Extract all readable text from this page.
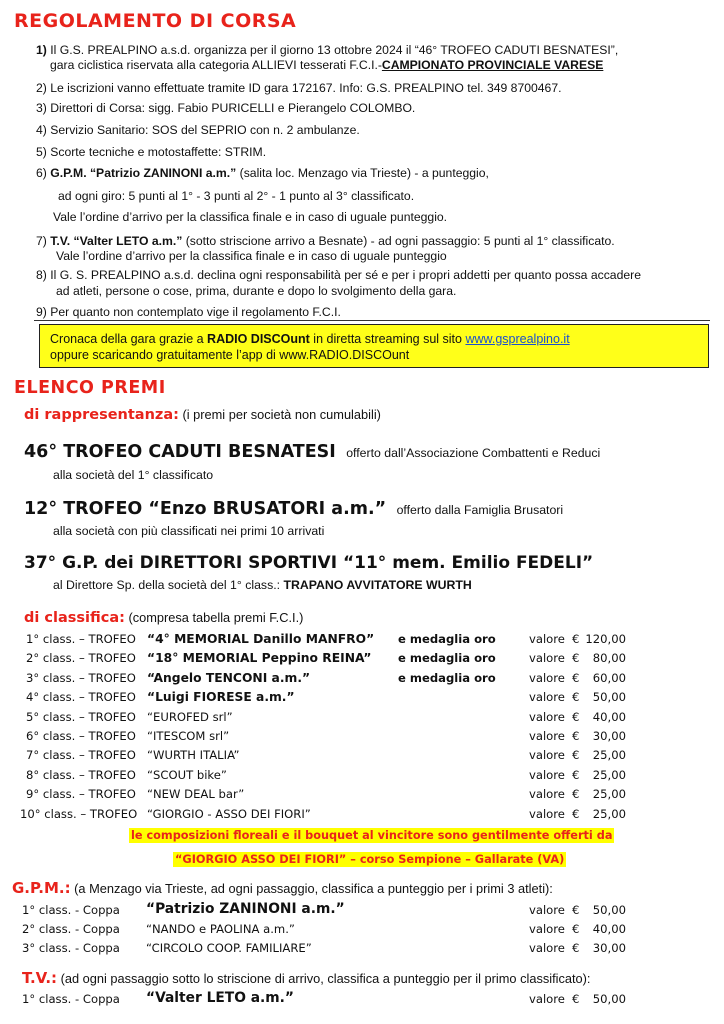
REGOLAMENTO DI CORSA
1) Il G.S. PREALPINO a.s.d. organizza per il giorno 13 ottobre 2024 il “46° TROFEO CADUTI BESNATESI”,
gara ciclistica riservata alla categoria ALLIEVI tesserati F.C.I.-CAMPIONATO PROVINCIALE VARESE
2) Le iscrizioni vanno effettuate tramite ID gara 172167. Info: G.S. PREALPINO tel. 349 8700467.
3) Direttori di Corsa: sigg. Fabio PURICELLI e Pierangelo COLOMBO.
4) Servizio Sanitario: SOS del SEPRIO con n. 2 ambulanze.
5) Scorte tecniche e motostaffette: STRIM.
6) G.P.M. “Patrizio ZANINONI a.m.” (salita loc. Menzago via Trieste) - a punteggio,
ad ogni giro: 5 punti al 1° - 3 punti al 2° - 1 punto al 3° classificato.
Vale l’ordine d’arrivo per la classifica finale e in caso di uguale punteggio.
7) T.V. “Valter LETO a.m.” (sotto striscione arrivo a Besnate) - ad ogni passaggio: 5 punti al 1° classificato.
Vale l’ordine d’arrivo per la classifica finale e in caso di uguale punteggio
8) Il G. S. PREALPINO a.s.d. declina ogni responsabilità per sé e per i propri addetti per quanto possa accadere
ad atleti, persone o cose, prima, durante e dopo lo svolgimento della gara.
9) Per quanto non contemplato vige il regolamento F.C.I.
Cronaca della gara grazie a RADIO DISCOunt in diretta streaming sul sito www.gsprealpino.it
oppure scaricando gratuitamente l’app di www.RADIO.DISCOunt
ELENCO PREMI
di rappresentanza: (i premi per società non cumulabili)
46° TROFEO CADUTI BESNATESI offerto dall’Associazione Combattenti e Reduci
alla società del 1° classificato
12° TROFEO “Enzo BRUSATORI a.m.” offerto dalla Famiglia Brusatori
alla società con più classificati nei primi 10 arrivati
37° G.P. dei DIRETTORI SPORTIVI “11° mem. Emilio FEDELI”
al Direttore Sp. della società del 1° class.: TRAPANO AVVITATORE WURTH
di classifica: (compresa tabella premi F.C.I.)
1° class. – TROFEO “4° MEMORIAL Danillo MANFRO” e medaglia oro	valore € 120,00
2° class. – TROFEO “18° MEMORIAL Peppino REINA” e medaglia oro	valore € 80,00
3° class. – TROFEO “Angelo TENCONI a.m.”	e medaglia oro	valore € 60,00
4° class. – TROFEO “Luigi FIORESE a.m.”	valore € 50,00
5° class. – TROFEO “EUROFED srl”	valore € 40,00
6° class. – TROFEO “ITESCOM srl”	valore € 30,00
7° class. – TROFEO “WURTH ITALIA”	valore € 25,00
8° class. – TROFEO “SCOUT bike”	valore € 25,00
9° class. – TROFEO “NEW DEAL bar”	valore € 25,00
10° class. – TROFEO “GIORGIO - ASSO DEI FIORI”	valore € 25,00
le composizioni floreali e il bouquet al vincitore sono gentilmente offerti da
“GIORGIO ASSO DEI FIORI” – corso Sempione – Gallarate (VA)
G.P.M.: (a Menzago via Trieste, ad ogni passaggio, classifica a punteggio per i primi 3 atleti):
1° class. - Coppa “Patrizio ZANINONI a.m.”	valore € 50,00
2° class. - Coppa “NANDO e PAOLINA a.m.”	valore € 40,00
3° class. - Coppa “CIRCOLO COOP. FAMILIARE”	valore € 30,00
T.V.: (ad ogni passaggio sotto lo striscione di arrivo, classifica a punteggio per il primo classificato):
1° class. - Coppa “Valter LETO a.m.”	valore € 50,00
